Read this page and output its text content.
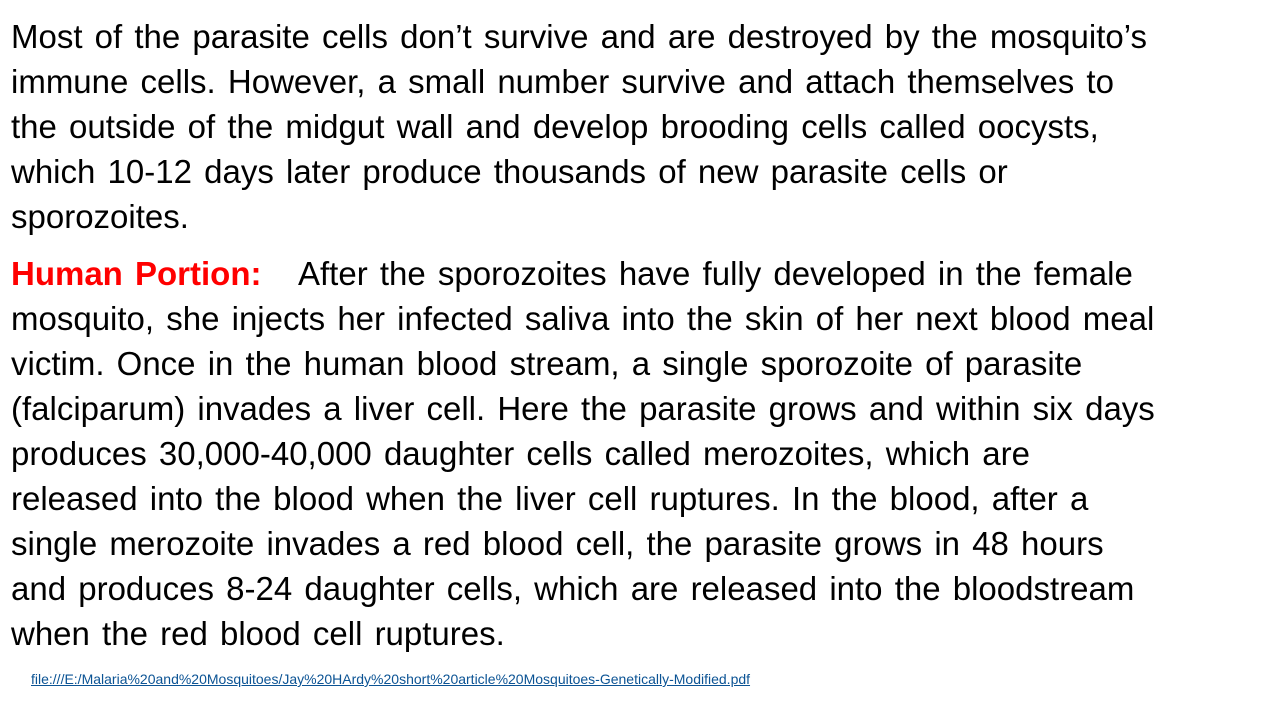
Most of the parasite cells don’t survive and are destroyed by the mosquito’s
immune cells. However, a small number survive and attach themselves to
the outside of the midgut wall and develop brooding cells called oocysts,
which 10-12 days later produce thousands of new parasite cells or
sporozoites.

Human Portion: After the sporozoites have fully developed in the female
mosquito, she injects her infected saliva into the skin of her next blood meal
victim. Once in the human blood stream, a single sporozoite of parasite
(falciparum) invades a liver cell. Here the parasite grows and within six days
produces 30,000-40,000 daughter cells called merozoites, which are
released into the blood when the liver cell ruptures. In the blood, after a
single merozoite invades a red blood cell, the parasite grows in 48 hours
and produces 8-24 daughter cells, which are released into the bloodstream
when the red blood cell ruptures.

file:///E:/Malaria%20and%20Mosquitoes/Jay%20HArdy%20short%20article%20Mosquitoes-Genetically-Modified.pdf
